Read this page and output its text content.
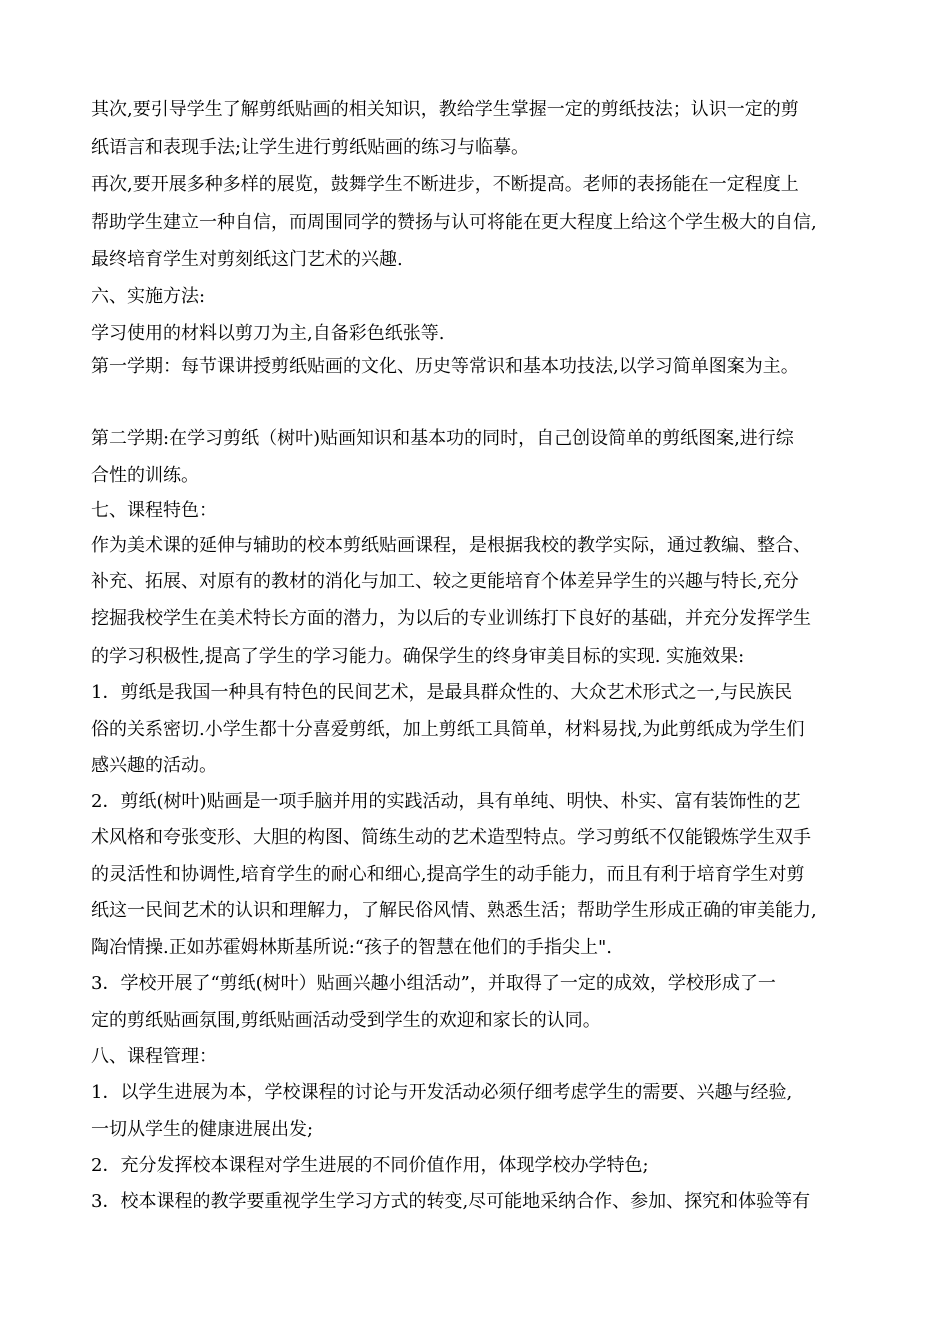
其次,要引导学生了解剪纸贴画的相关知识，教给学生掌握一定的剪纸技法；认识一定的剪
纸语言和表现手法;让学生进行剪纸贴画的练习与临摹。
再次,要开展多种多样的展览，鼓舞学生不断进步，不断提高。老师的表扬能在一定程度上
帮助学生建立一种自信，而周围同学的赞扬与认可将能在更大程度上给这个学生极大的自信,
最终培育学生对剪刻纸这门艺术的兴趣.
六、实施方法:
学习使用的材料以剪刀为主,自备彩色纸张等.
第一学期：每节课讲授剪纸贴画的文化、历史等常识和基本功技法,以学习简单图案为主。
第二学期:在学习剪纸（树叶)贴画知识和基本功的同时，自己创设简单的剪纸图案,进行综
合性的训练。
七、课程特色：
作为美术课的延伸与辅助的校本剪纸贴画课程，是根据我校的教学实际，通过教编、整合、
补充、拓展、对原有的教材的消化与加工、较之更能培育个体差异学生的兴趣与特长,充分
挖掘我校学生在美术特长方面的潜力，为以后的专业训练打下良好的基础，并充分发挥学生
的学习积极性,提高了学生的学习能力。确保学生的终身审美目标的实现. 实施效果:
1．剪纸是我国一种具有特色的民间艺术，是最具群众性的、大众艺术形式之一,与民族民
俗的关系密切.小学生都十分喜爱剪纸，加上剪纸工具简单，材料易找,为此剪纸成为学生们
感兴趣的活动。
2．剪纸(树叶)贴画是一项手脑并用的实践活动，具有单纯、明快、朴实、富有装饰性的艺
术风格和夸张变形、大胆的构图、简练生动的艺术造型特点。学习剪纸不仅能锻炼学生双手
的灵活性和协调性,培育学生的耐心和细心,提高学生的动手能力，而且有利于培育学生对剪
纸这一民间艺术的认识和理解力，了解民俗风情、熟悉生活；帮助学生形成正确的审美能力,
陶冶情操.正如苏霍姆林斯基所说:“孩子的智慧在他们的手指尖上".
3．学校开展了“剪纸(树叶）贴画兴趣小组活动”，并取得了一定的成效，学校形成了一
定的剪纸贴画氛围,剪纸贴画活动受到学生的欢迎和家长的认同。
八、课程管理：
1．以学生进展为本，学校课程的讨论与开发活动必须仔细考虑学生的需要、兴趣与经验,
一切从学生的健康进展出发;
2．充分发挥校本课程对学生进展的不同价值作用，体现学校办学特色;
3．校本课程的教学要重视学生学习方式的转变,尽可能地采纳合作、参加、探究和体验等有
